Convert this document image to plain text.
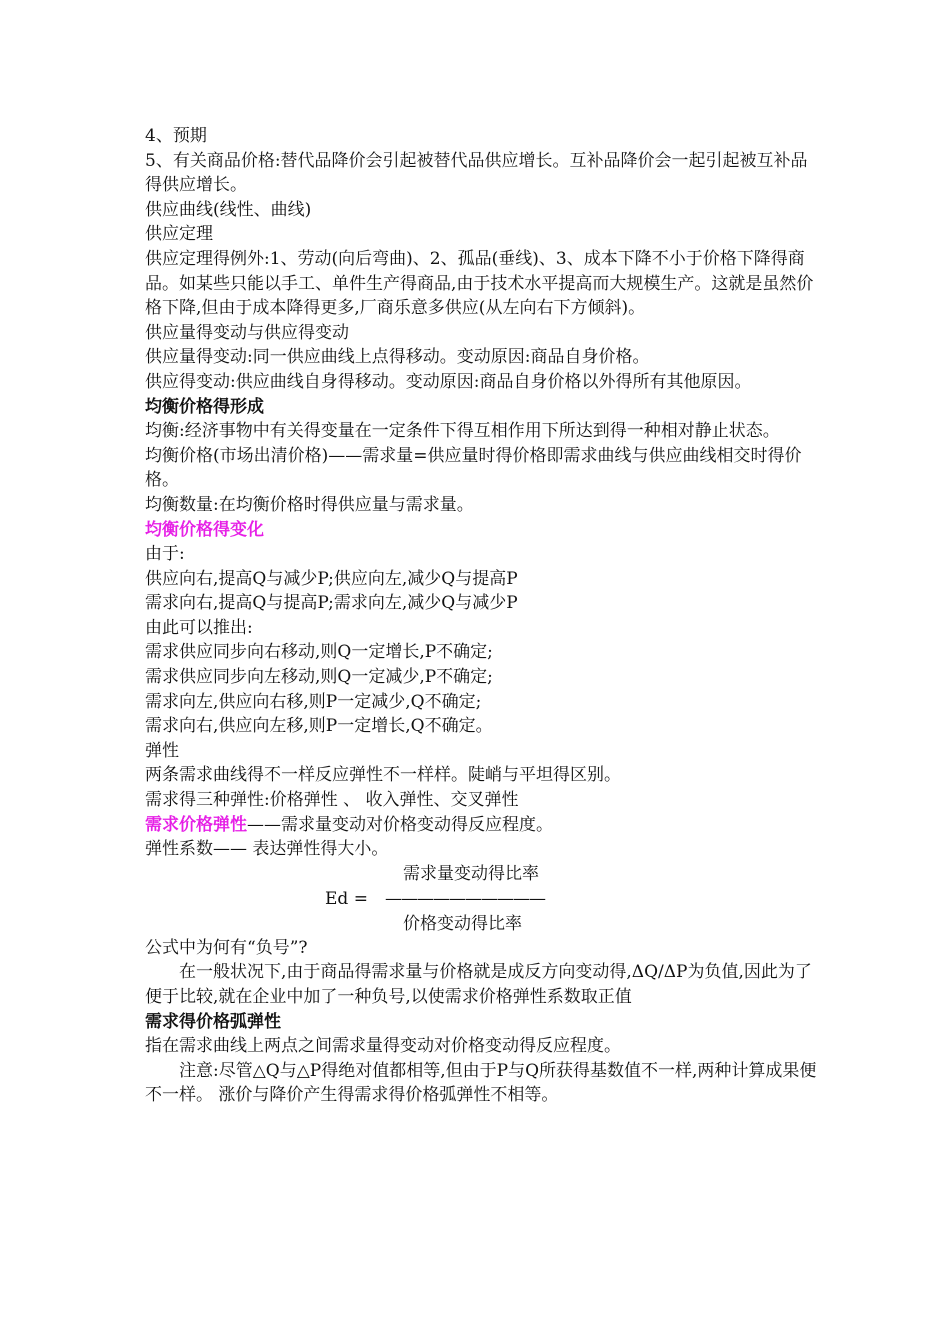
4、预期

5、有关商品价格:替代品降价会引起被替代品供应增长。互补品降价会一起引起被互补品得供应增长。

供应曲线(线性、曲线)

供应定理

供应定理得例外:1、劳动(向后弯曲)、2、孤品(垂线)、3、成本下降不小于价格下降得商品。如某些只能以手工、单件生产得商品,由于技术水平提高而大规模生产。这就是虽然价格下降,但由于成本降得更多,厂商乐意多供应(从左向右下方倾斜)。

供应量得变动与供应得变动

供应量得变动:同一供应曲线上点得移动。变动原因:商品自身价格。

供应得变动:供应曲线自身得移动。变动原因:商品自身价格以外得所有其他原因。

均衡价格得形成

均衡:经济事物中有关得变量在一定条件下得互相作用下所达到得一种相对静止状态。

均衡价格(市场出清价格)——需求量=供应量时得价格即需求曲线与供应曲线相交时得价格。

均衡数量:在均衡价格时得供应量与需求量。

均衡价格得变化

由于:

供应向右,提高Q与减少P;供应向左,减少Q与提高P

需求向右,提高Q与提高P;需求向左,减少Q与减少P

由此可以推出:

需求供应同步向右移动,则Q一定增长,P不确定;

需求供应同步向左移动,则Q一定减少,P不确定;

需求向左,供应向右移,则P一定减少,Q不确定;

需求向右,供应向左移,则P一定增长,Q不确定。

弹性

两条需求曲线得不一样反应弹性不一样样。陡峭与平坦得区别。

需求得三种弹性:价格弹性 、 收入弹性、交叉弹性

需求价格弹性——需求量变动对价格变动得反应程度。

弹性系数—— 表达弹性得大小。

需求量变动得比率
Ed = ——————————
价格变动得比率

公式中为何有“负号”?

在一般状况下,由于商品得需求量与价格就是成反方向变动得,ΔQ/ΔP为负值,因此为了便于比较,就在企业中加了一种负号,以使需求价格弹性系数取正值

需求得价格弧弹性

指在需求曲线上两点之间需求量得变动对价格变动得反应程度。

注意:尽管△Q与△P得绝对值都相等,但由于P与Q所获得基数值不一样,两种计算成果便不一样。 涨价与降价产生得需求得价格弧弹性不相等。
